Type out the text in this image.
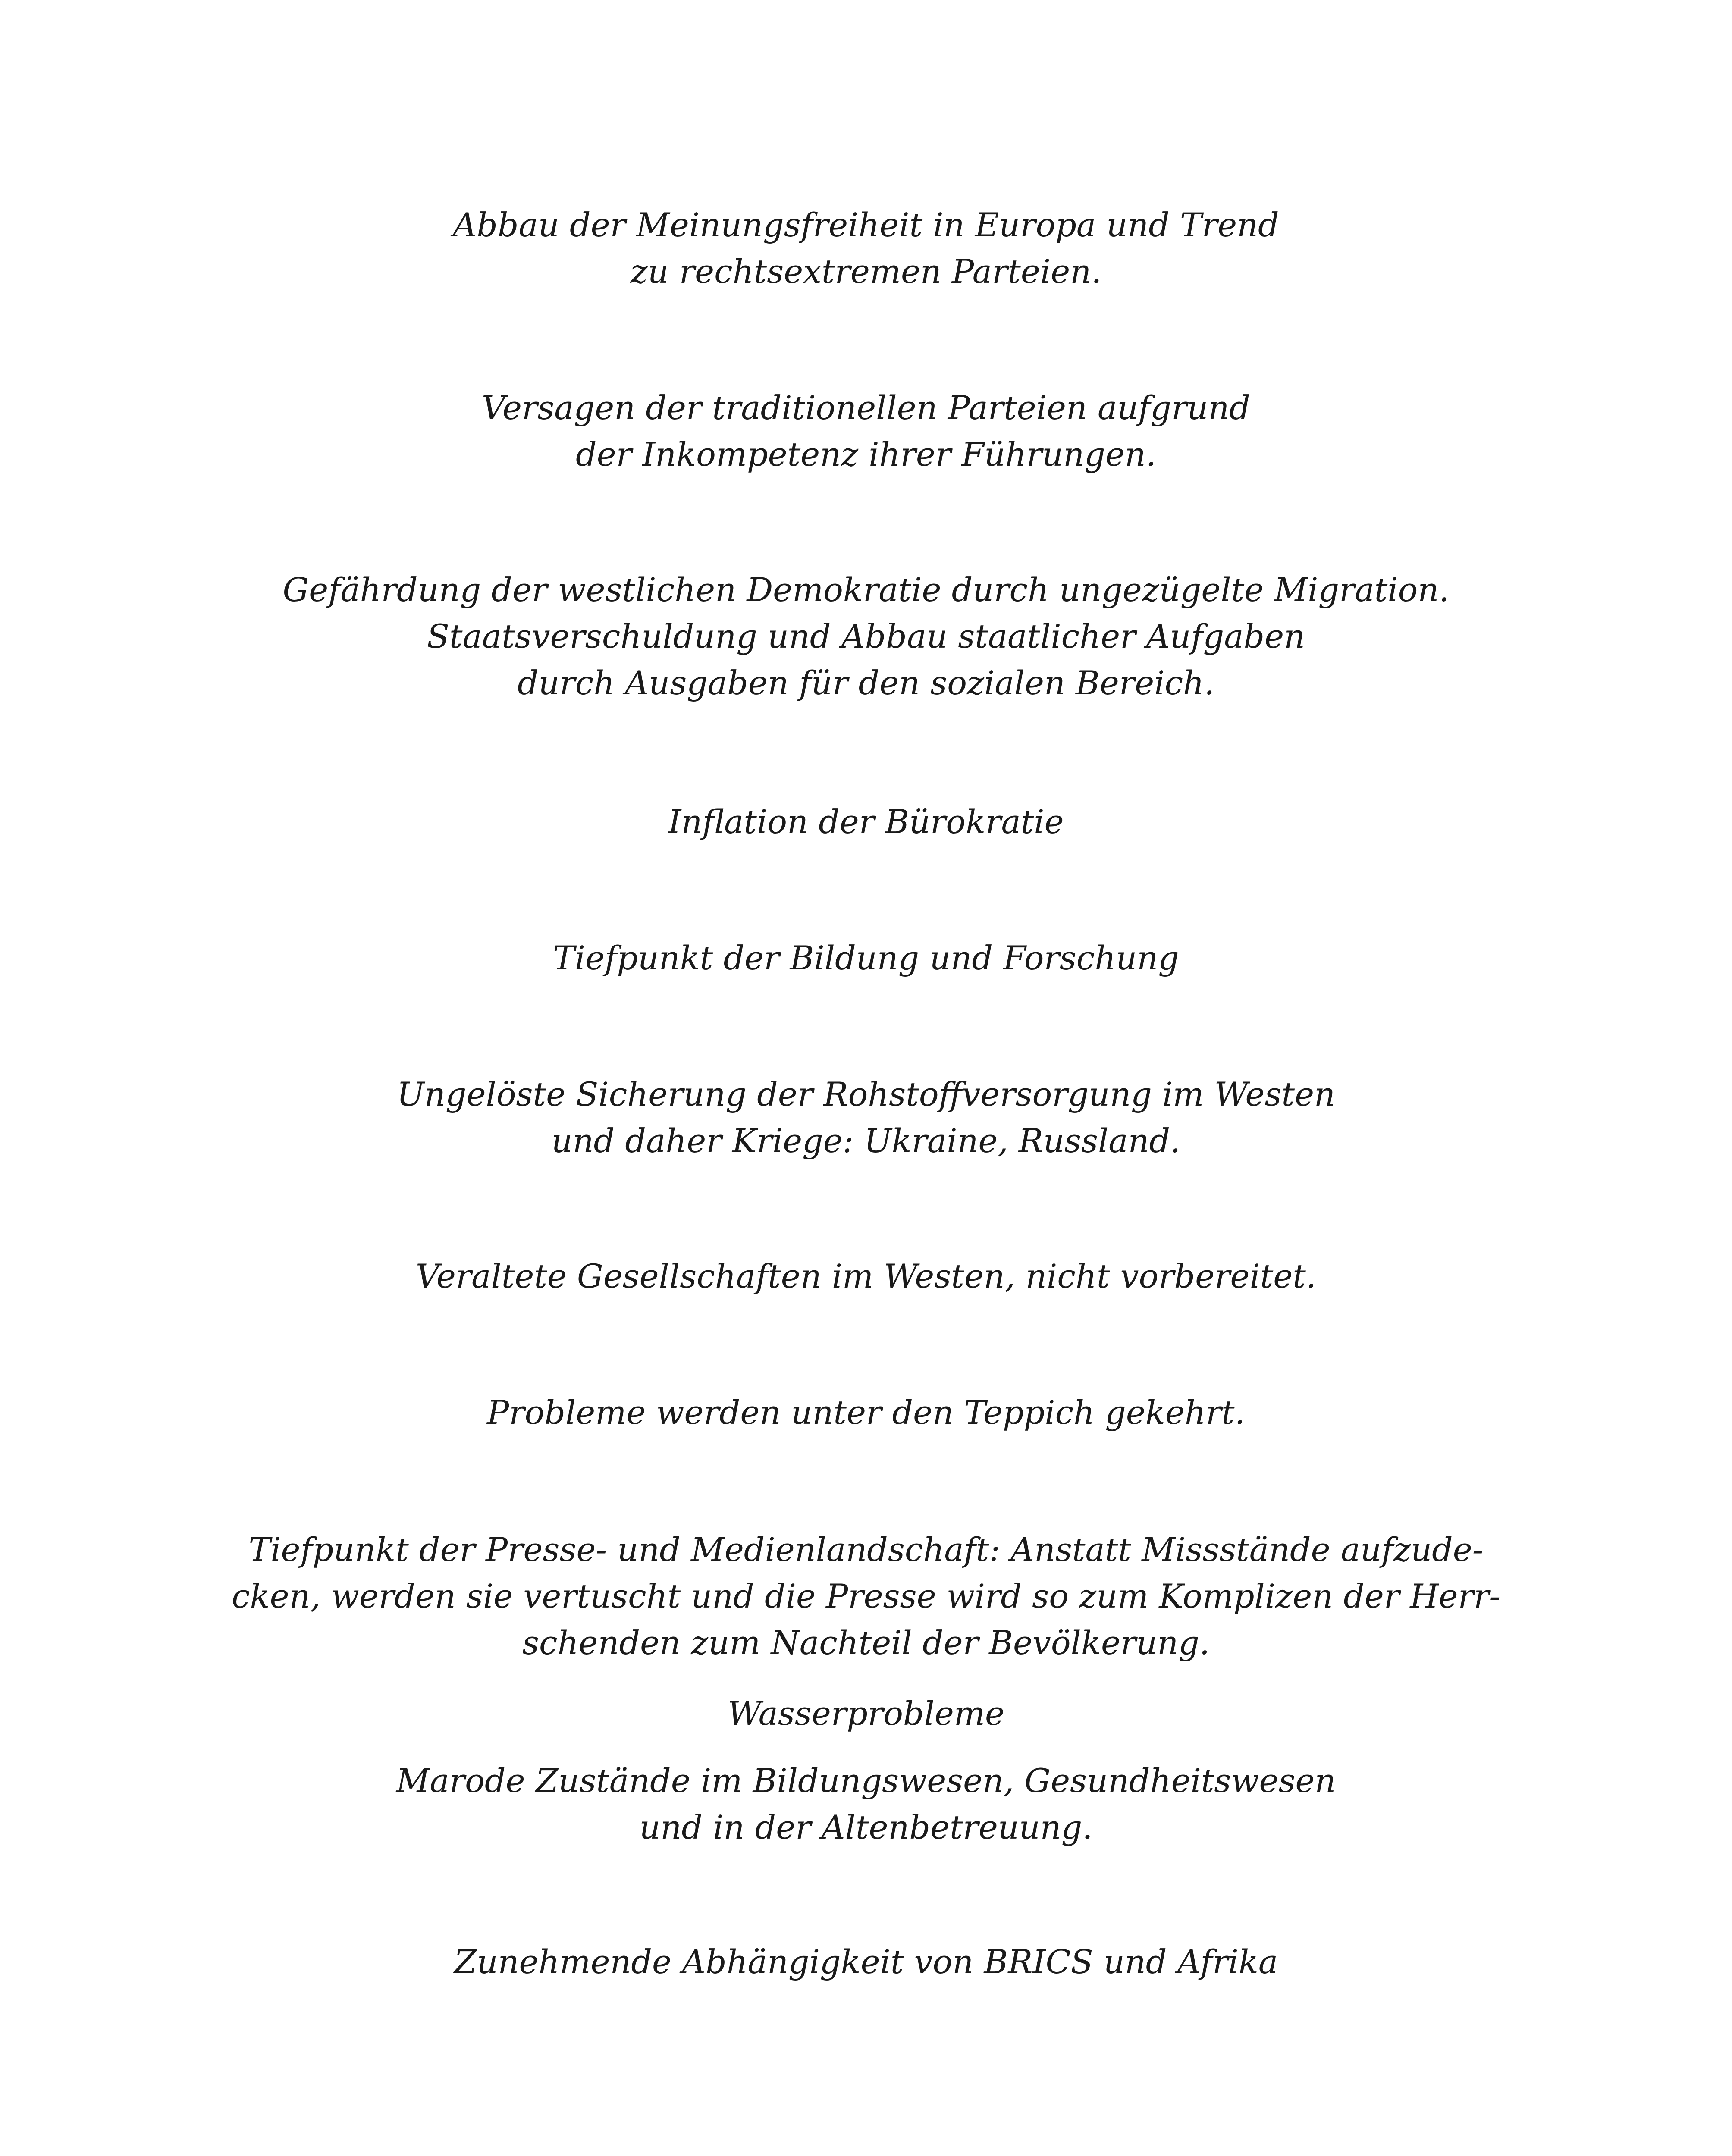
Abbau der Meinungsfreiheit in Europa und Trend
zu rechtsextremen Parteien.

Versagen der traditionellen Parteien aufgrund
der Inkompetenz ihrer Führungen.

Gefährdung der westlichen Demokratie durch ungezügelte Migration.
Staatsverschuldung und Abbau staatlicher Aufgaben
durch Ausgaben für den sozialen Bereich.

Inflation der Bürokratie

Tiefpunkt der Bildung und Forschung

Ungelöste Sicherung der Rohstoffversorgung im Westen
und daher Kriege: Ukraine, Russland.

Veraltete Gesellschaften im Westen, nicht vorbereitet.

Probleme werden unter den Teppich gekehrt.

Tiefpunkt der Presse- und Medienlandschaft: Anstatt Missstände aufzude-
cken, werden sie vertuscht und die Presse wird so zum Komplizen der Herr-
schenden zum Nachteil der Bevölkerung.

Wasserprobleme

Marode Zustände im Bildungswesen, Gesundheitswesen
und in der Altenbetreuung.

Zunehmende Abhängigkeit von BRICS und Afrika
